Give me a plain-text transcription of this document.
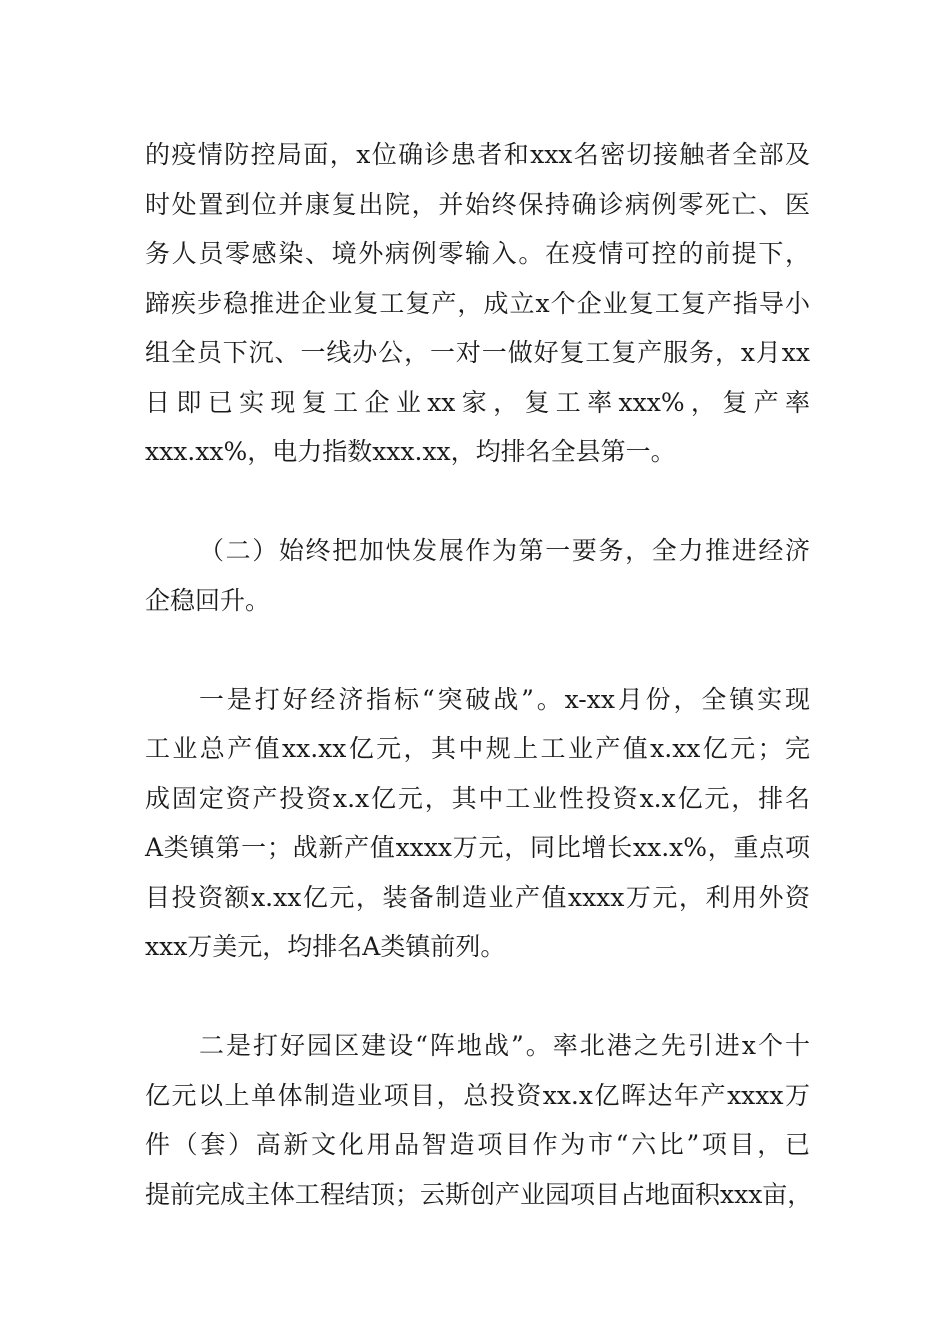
的疫情防控局面，x位确诊患者和xxx名密切接触者全部及
时处置到位并康复出院，并始终保持确诊病例零死亡、医
务人员零感染、境外病例零输入。在疫情可控的前提下，
蹄疾步稳推进企业复工复产，成立x个企业复工复产指导小
组全员下沉、一线办公，一对一做好复工复产服务，x月xx
日即已实现复工企业xx家，复工率xxx%，复产率
xxx.xx%，电力指数xxx.xx，均排名全县第一。
（二）始终把加快发展作为第一要务，全力推进经济
企稳回升。
一是打好经济指标“突破战”。x-xx月份，全镇实现
工业总产值xx.xx亿元，其中规上工业产值x.xx亿元；完
成固定资产投资x.x亿元，其中工业性投资x.x亿元，排名
A类镇第一；战新产值xxxx万元，同比增长xx.x%，重点项
目投资额x.xx亿元，装备制造业产值xxxx万元，利用外资
xxx万美元，均排名A类镇前列。
二是打好园区建设“阵地战”。率北港之先引进x个十
亿元以上单体制造业项目，总投资xx.x亿晖达年产xxxx万
件（套）高新文化用品智造项目作为市“六比”项目，已
提前完成主体工程结顶；云斯创产业园项目占地面积xxx亩，
